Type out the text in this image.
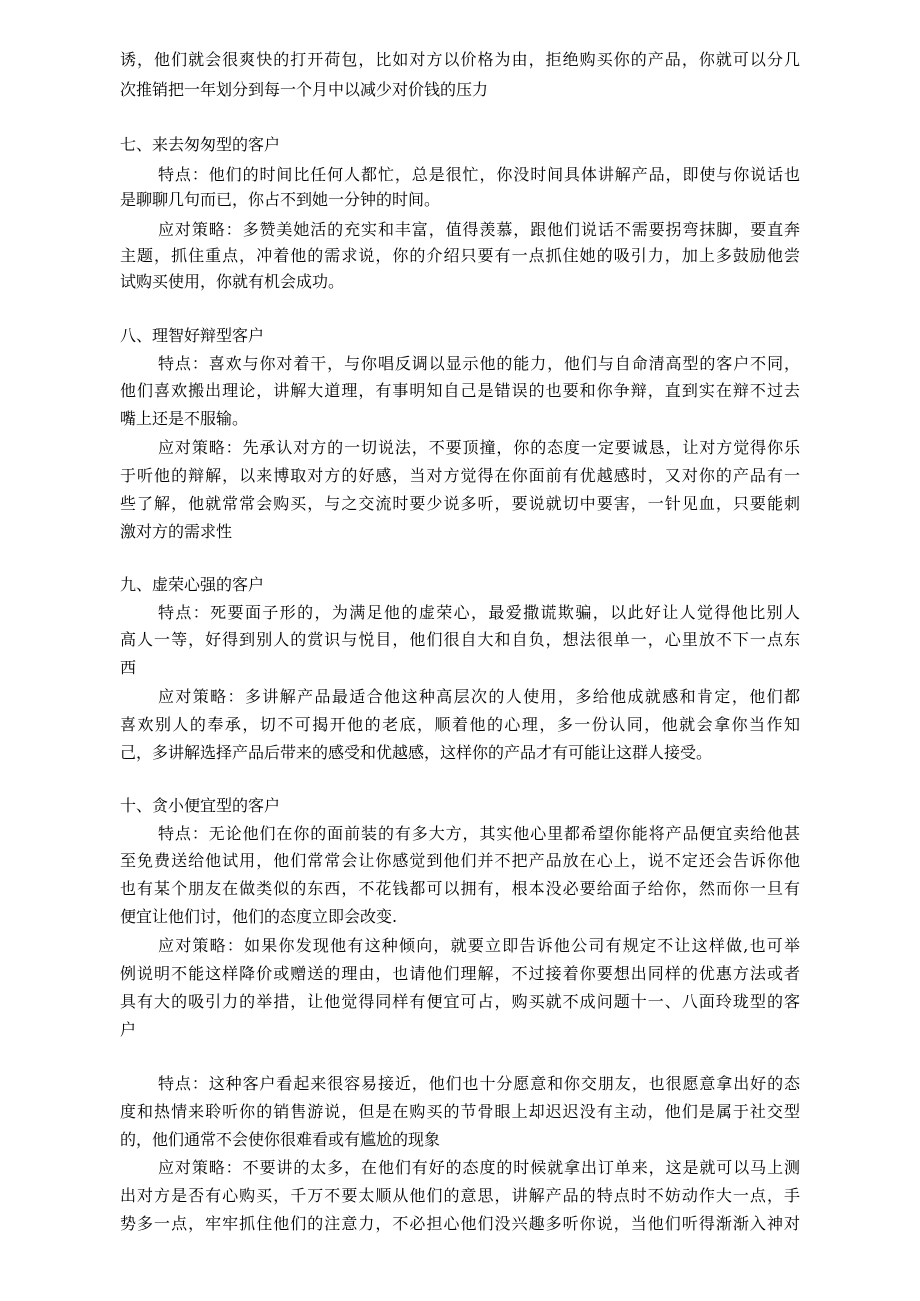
诱，他们就会很爽快的打开荷包，比如对方以价格为由，拒绝购买你的产品，你就可以分几
次推销把一年划分到每一个月中以减少对价钱的压力
七、来去匆匆型的客户
特点：他们的时间比任何人都忙，总是很忙，你没时间具体讲解产品，即使与你说话也
是聊聊几句而已，你占不到她一分钟的时间。
应对策略：多赞美她活的充实和丰富，值得羡慕，跟他们说话不需要拐弯抹脚，要直奔
主题，抓住重点，冲着他的需求说，你的介绍只要有一点抓住她的吸引力，加上多鼓励他尝
试购买使用，你就有机会成功。
八、理智好辩型客户
特点：喜欢与你对着干，与你唱反调以显示他的能力，他们与自命清高型的客户不同，
他们喜欢搬出理论，讲解大道理，有事明知自己是错误的也要和你争辩，直到实在辩不过去
嘴上还是不服输。
应对策略：先承认对方的一切说法，不要顶撞，你的态度一定要诚恳，让对方觉得你乐
于听他的辩解，以来博取对方的好感，当对方觉得在你面前有优越感时，又对你的产品有一
些了解，他就常常会购买，与之交流时要少说多听，要说就切中要害，一针见血，只要能刺
激对方的需求性
九、虚荣心强的客户
特点：死要面子形的，为满足他的虚荣心，最爱撒谎欺骗，以此好让人觉得他比别人
高人一等，好得到别人的赏识与悦目，他们很自大和自负，想法很单一，心里放不下一点东
西
应对策略：多讲解产品最适合他这种高层次的人使用，多给他成就感和肯定，他们都
喜欢别人的奉承，切不可揭开他的老底，顺着他的心理，多一份认同，他就会拿你当作知
己，多讲解选择产品后带来的感受和优越感，这样你的产品才有可能让这群人接受。
十、贪小便宜型的客户
特点：无论他们在你的面前装的有多大方，其实他心里都希望你能将产品便宜卖给他甚
至免费送给他试用，他们常常会让你感觉到他们并不把产品放在心上，说不定还会告诉你他
也有某个朋友在做类似的东西，不花钱都可以拥有，根本没必要给面子给你，然而你一旦有
便宜让他们讨，他们的态度立即会改变.
应对策略：如果你发现他有这种倾向，就要立即告诉他公司有规定不让这样做,也可举
例说明不能这样降价或赠送的理由，也请他们理解，不过接着你要想出同样的优惠方法或者
具有大的吸引力的举措，让他觉得同样有便宜可占，购买就不成问题十一、八面玲珑型的客
户
特点：这种客户看起来很容易接近，他们也十分愿意和你交朋友，也很愿意拿出好的态
度和热情来聆听你的销售游说，但是在购买的节骨眼上却迟迟没有主动，他们是属于社交型
的，他们通常不会使你很难看或有尴尬的现象
应对策略：不要讲的太多，在他们有好的态度的时候就拿出订单来，这是就可以马上测
出对方是否有心购买，千万不要太顺从他们的意思，讲解产品的特点时不妨动作大一点，手
势多一点，牢牢抓住他们的注意力，不必担心他们没兴趣多听你说，当他们听得渐渐入神对
